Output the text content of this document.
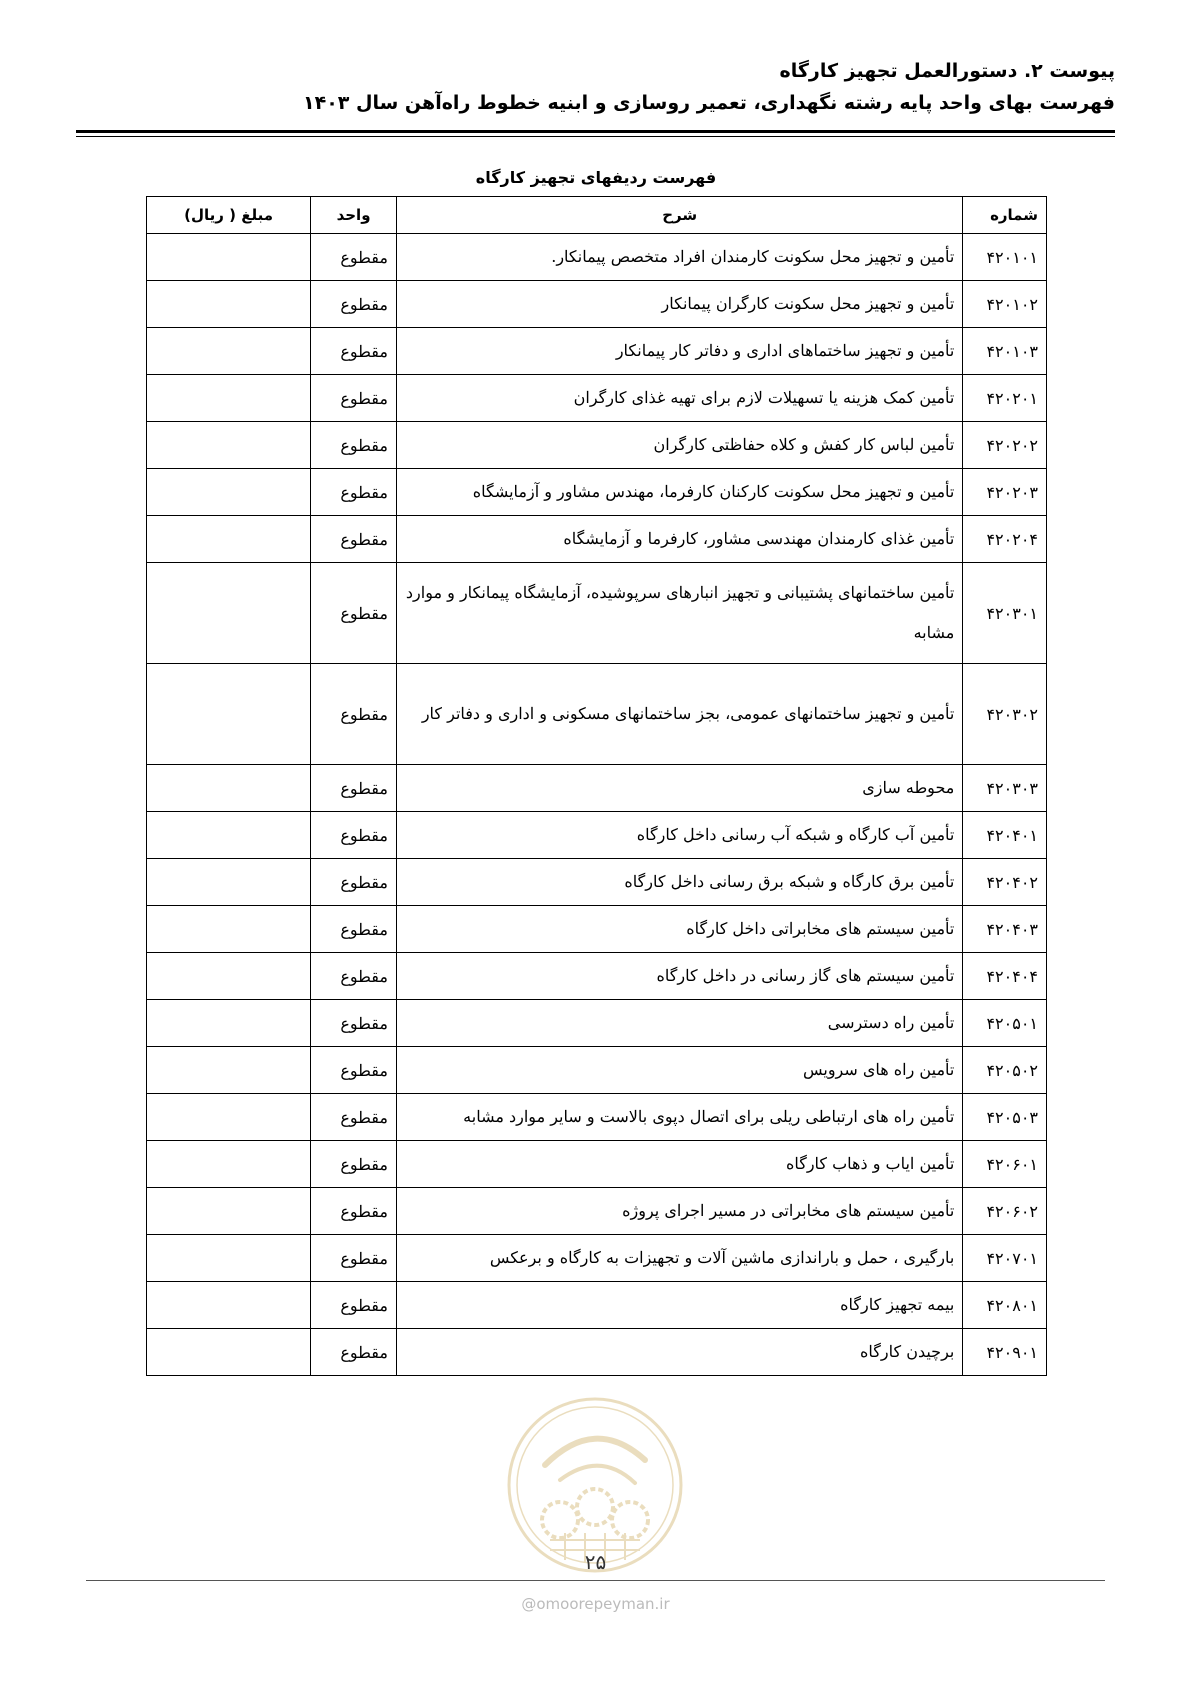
پیوست ۲. دستورالعمل تجهیز کارگاه
فهرست بهای واحد پایه رشته نگهداری، تعمیر روسازی و ابنیه خطوط راه‌آهن سال ۱۴۰۳
فهرست ردیفهای تجهیز کارگاه
شماره	شرح	واحد	مبلغ ( ریال)
۴۲۰۱۰۱	تأمین و تجهیز محل سکونت کارمندان افراد متخصص پیمانکار.	مقطوع	
۴۲۰۱۰۲	تأمین و تجهیز محل سکونت کارگران پیمانکار	مقطوع	
۴۲۰۱۰۳	تأمین و تجهیز ساختماهای اداری و دفاتر کار پیمانکار	مقطوع	
۴۲۰۲۰۱	تأمین کمک هزینه یا تسهیلات لازم برای تهیه غذای کارگران	مقطوع	
۴۲۰۲۰۲	تأمین لباس کار کفش و کلاه حفاظتی کارگران	مقطوع	
۴۲۰۲۰۳	تأمین و تجهیز محل سکونت کارکنان کارفرما، مهندس مشاور و آزمایشگاه	مقطوع	
۴۲۰۲۰۴	تأمین غذای کارمندان مهندسی مشاور، کارفرما و آزمایشگاه	مقطوع	
۴۲۰۳۰۱	تأمین ساختمانهای پشتیبانی و تجهیز انبارهای سرپوشیده، آزمایشگاه پیمانکار و موارد مشابه	مقطوع	
۴۲۰۳۰۲	تأمین و تجهیز ساختمانهای عمومی، بجز ساختمانهای مسکونی و اداری و دفاتر کار	مقطوع	
۴۲۰۳۰۳	محوطه سازی	مقطوع	
۴۲۰۴۰۱	تأمین آب کارگاه و شبکه آب رسانی داخل کارگاه	مقطوع	
۴۲۰۴۰۲	تأمین برق کارگاه و شبکه برق رسانی داخل کارگاه	مقطوع	
۴۲۰۴۰۳	تأمین سیستم های مخابراتی داخل کارگاه	مقطوع	
۴۲۰۴۰۴	تأمین سیستم های گاز رسانی در داخل کارگاه	مقطوع	
۴۲۰۵۰۱	تأمین راه دسترسی	مقطوع	
۴۲۰۵۰۲	تأمین راه های سرویس	مقطوع	
۴۲۰۵۰۳	تأمین راه های ارتباطی ریلی برای اتصال دپوی بالاست و سایر موارد مشابه	مقطوع	
۴۲۰۶۰۱	تأمین ایاب و ذهاب کارگاه	مقطوع	
۴۲۰۶۰۲	تأمین سیستم های مخابراتی در مسیر اجرای پروژه	مقطوع	
۴۲۰۷۰۱	بارگیری ، حمل و باراندازی ماشین آلات و تجهیزات به کارگاه و برعکس	مقطوع	
۴۲۰۸۰۱	بیمه تجهیز کارگاه	مقطوع	
۴۲۰۹۰۱	برچیدن کارگاه	مقطوع	
۲۵
@omoorepeyman.ir
